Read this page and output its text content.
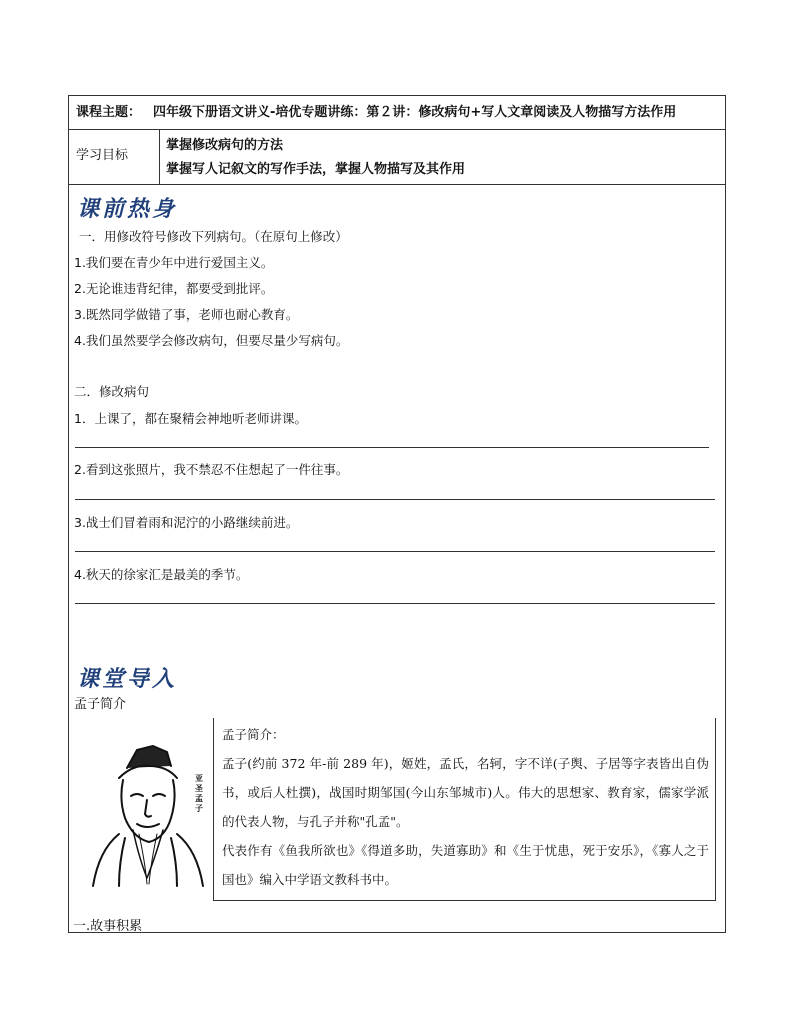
课程主题： 四年级下册语文讲义-培优专题讲练：第２讲：修改病句+写人文章阅读及人物描写方法作用
学习目标
掌握修改病句的方法
掌握写人记叙文的写作手法，掌握人物描写及其作用
课前热身
一．用修改符号修改下列病句。（在原句上修改）
1.我们要在青少年中进行爱国主义。
2.无论谁违背纪律，都要受到批评。
3.既然同学做错了事，老师也耐心教育。
4.我们虽然要学会修改病句，但要尽量少写病句。
二．修改病句
1．上课了，都在聚精会神地听老师讲课。
2.看到这张照片，我不禁忍不住想起了一件往事。
3.战士们冒着雨和泥泞的小路继续前进。
4.秋天的徐家汇是最美的季节。
课堂导入
孟子简介
亚圣孟子

孟子简介：

孟子(约前 372 年-前 289 年)，姬姓，孟氏，名轲，字不详(子舆、子居等字表皆出自伪书，或后人杜撰)，战国时期邹国(今山东邹城市)人。伟大的思想家、教育家，儒家学派的代表人物，与孔子并称"孔孟"。

代表作有《鱼我所欲也》《得道多助，失道寡助》和《生于忧患，死于安乐》，《寡人之于国也》编入中学语文教科书中。

一.故事积累
